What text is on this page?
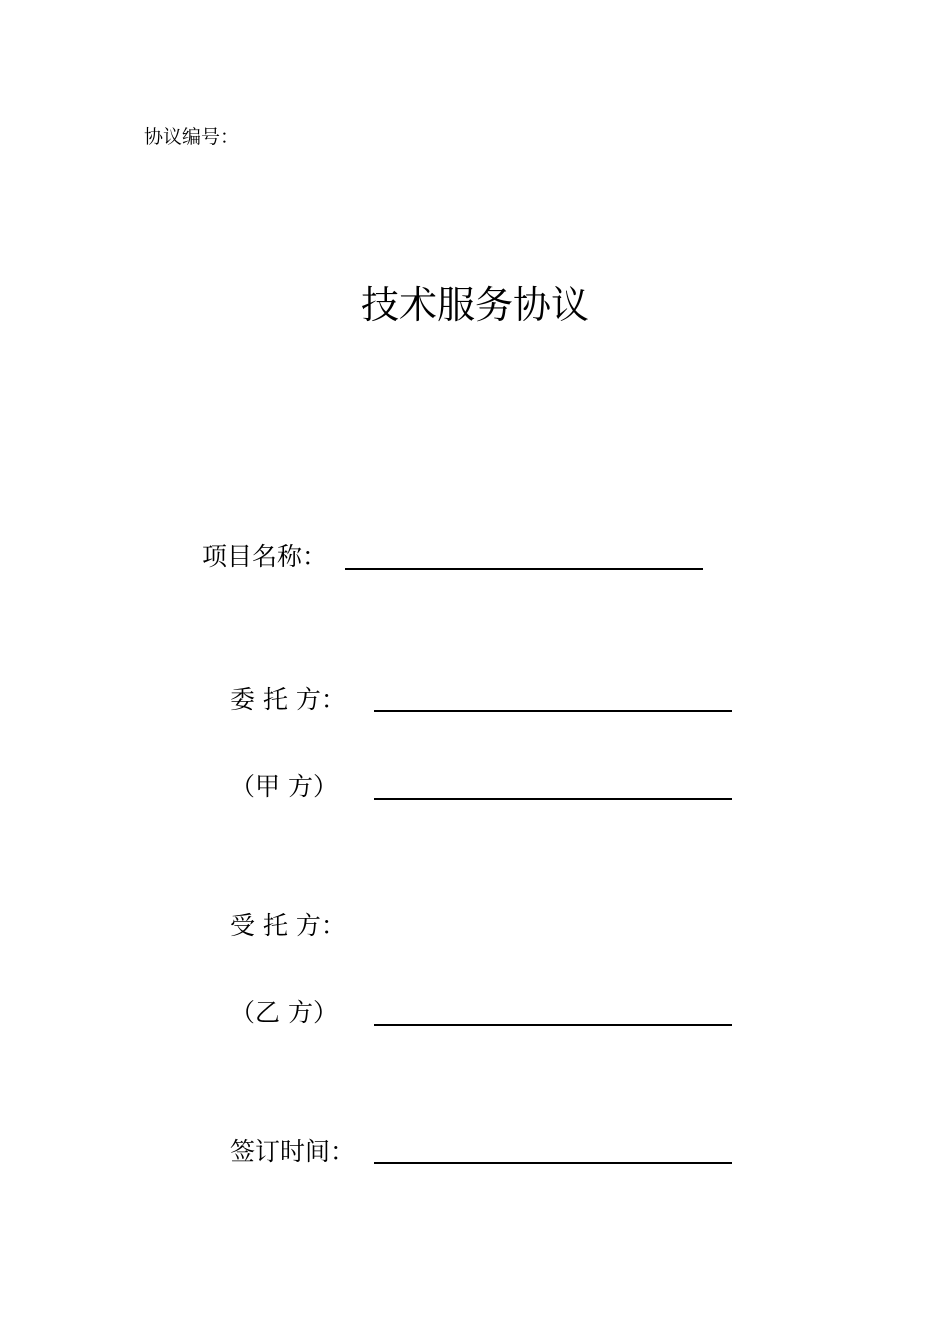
协议编号：
技术服务协议
项目名称：
委 托 方：
（甲 方）
受 托 方：
（乙 方）
签订时间：
